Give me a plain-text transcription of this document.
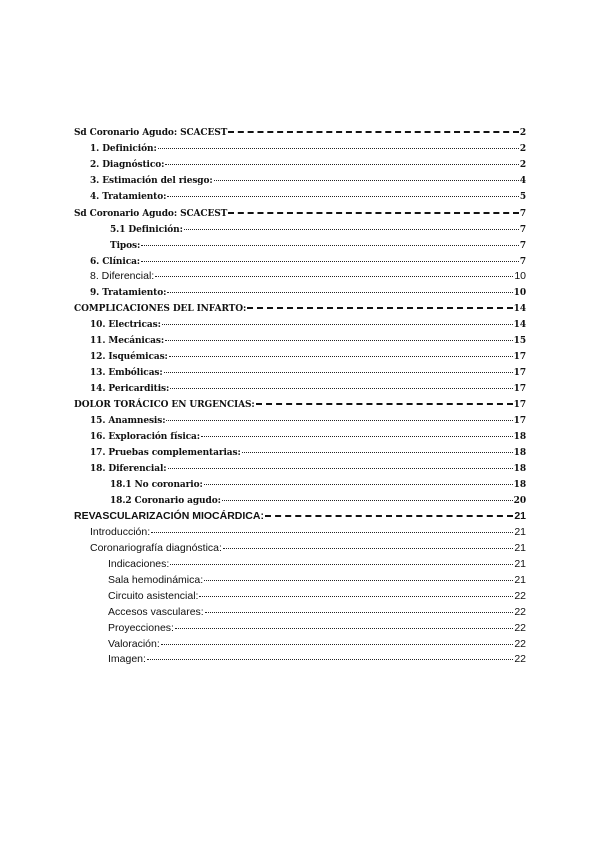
Sd Coronario Agudo: SCACEST	2
1. Definición:	2
2. Diagnóstico:	2
3. Estimación del riesgo:	4
4. Tratamiento:	5
Sd Coronario Agudo: SCACEST	7
5.1 Definición:	7
Tipos:	7
6. Clínica:	7
8. Diferencial:	10
9. Tratamiento:	10
COMPLICACIONES DEL INFARTO:	14
10. Electricas:	14
11. Mecánicas:	15
12. Isquémicas:	17
13. Embólicas:	17
14. Pericarditis:	17
DOLOR TORÁCICO EN URGENCIAS:	17
15. Anamnesis:	17
16. Exploración física:	18
17. Pruebas complementarias:	18
18. Diferencial:	18
18.1 No coronario:	18
18.2 Coronario agudo:	20
REVASCULARIZACIÓN MIOCÁRDICA:	21
Introducción:	21
Coronariografía diagnóstica:	21
Indicaciones:	21
Sala hemodinámica:	21
Circuito asistencial:	22
Accesos vasculares:	22
Proyecciones:	22
Valoración:	22
Imagen:	22
